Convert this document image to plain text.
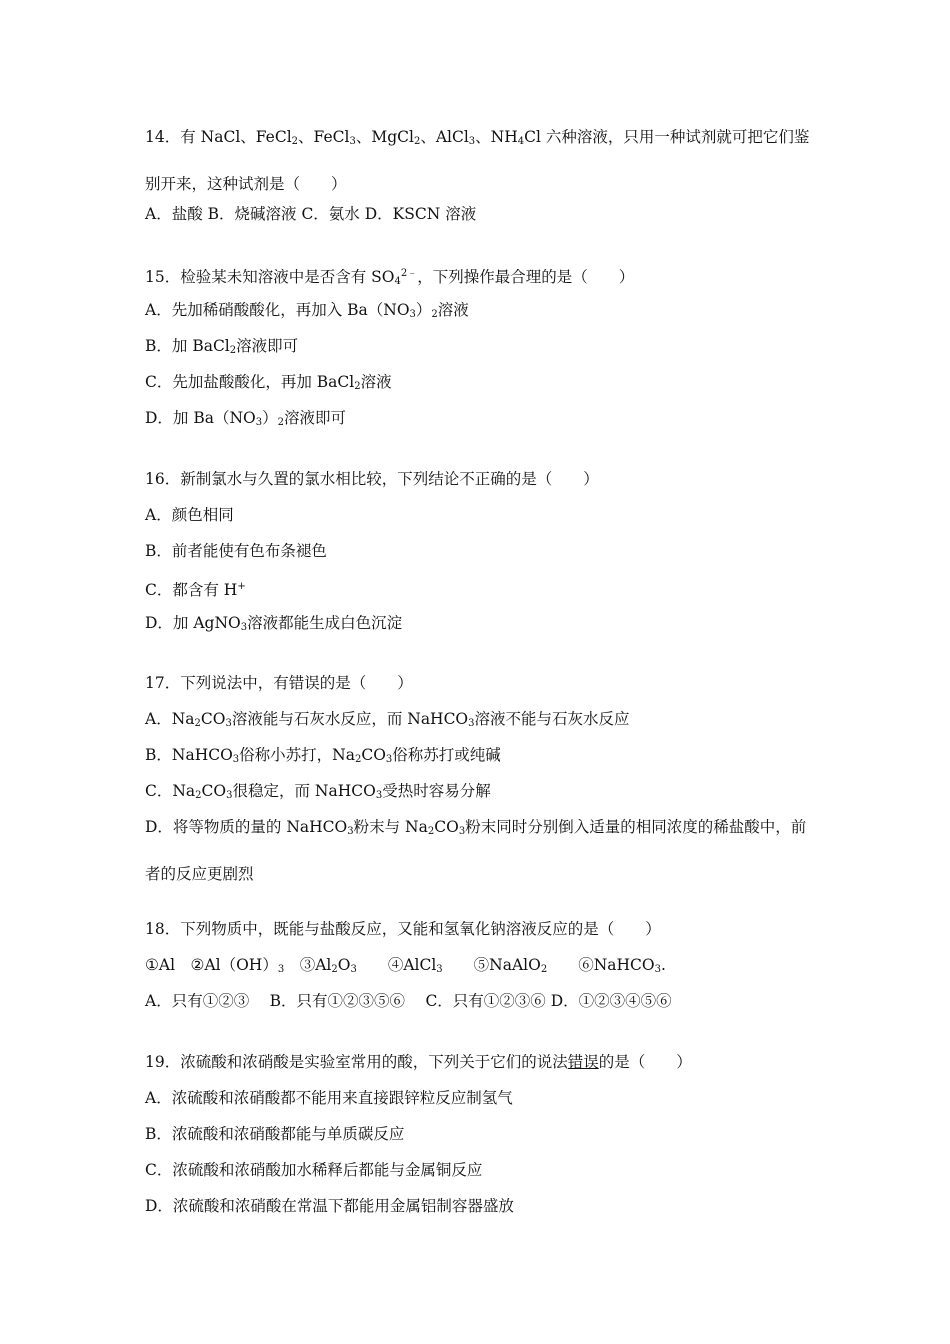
14．有 NaCl、FeCl$_2$、FeCl$_3$、MgCl$_2$、AlCl$_3$、$NH_4Cl$ 六种溶液，只用一种试剂就可把它们鉴别开来，这种试剂是（　　）
A．盐酸 B．烧碱溶液 C．氨水 D．KSCN 溶液
15．检验某未知溶液中是否含有 $SO_4^{2﹣}$，下列操作最合理的是（　　）
A．先加稀硝酸酸化，再加入 $Ba(NO_3)_2$溶液
B．加 BaCl$_2$溶液即可
C．先加盐酸酸化，再加 BaCl$_2$溶液
D．加 $Ba(NO_3)_2$溶液即可
16．新制氯水与久置的氯水相比较，下列结论不正确的是（　　）
A．颜色相同
B．前者能使有色布条褪色
C．都含有 H+
D．加 AgNO$_3$溶液都能生成白色沉淀
17．下列说法中，有错误的是（　　）
A．$Na_2CO_3$溶液能与石灰水反应，而 NaHCO$_3$溶液不能与石灰水反应
B．NaHCO$_3$俗称小苏打，$Na_2CO_3$俗称苏打或纯碱
C．$Na_2CO_3$很稳定，而 NaHCO$_3$受热时容易分解
D．将等物质的量的 NaHCO$_3$粉末与 $Na_2CO_3$粉末同时分别倒入适量的相同浓度的稀盐酸中，前者的反应更剧烈
18．下列物质中，既能与盐酸反应，又能和氢氧化钠溶液反应的是（　　）
①Al　$②Al(OH)_3$　$③Al_2O_3$　　④AlCl$_3$　　⑤NaAlO$_2$　　⑥NaHCO$_3$.
A．只有①②③　 B．只有①②③⑤⑥　 C．只有①②③⑥ D．①②③④⑤⑥
19．浓硫酸和浓硝酸是实验室常用的酸，下列关于它们的说法错误的是（　　）
A．浓硫酸和浓硝酸都不能用来直接跟锌粒反应制氢气
B．浓硫酸和浓硝酸都能与单质碳反应
C．浓硫酸和浓硝酸加水稀释后都能与金属铜反应
D．浓硫酸和浓硝酸在常温下都能用金属铝制容器盛放
